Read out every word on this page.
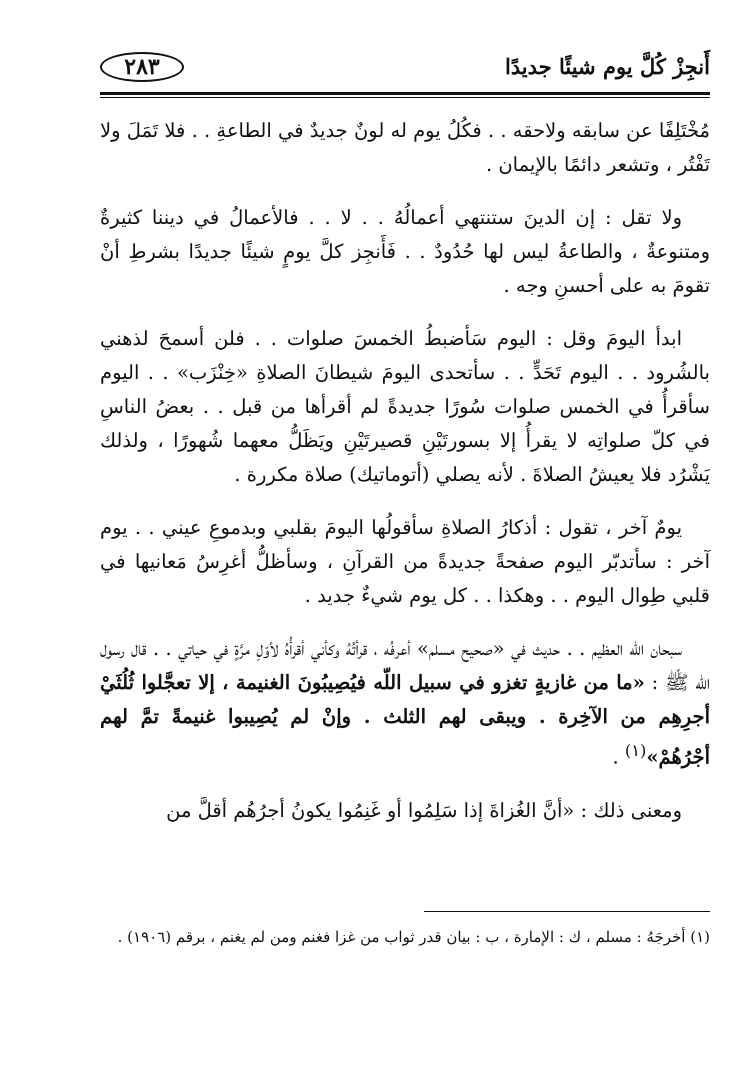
أَنجِزْ كُلَّ يوم شيئًا جديدًا
٢٨٣

مُخْتَلِفًا عن سابقه ولاحقه . . فكُلُ يوم له لونٌ جديدٌ في الطاعةِ . . فلا تَمَلَ ولا تَفْتُر ، وتشعر دائمًا بالإيمان .

ولا تقل : إن الدينَ ستنتهي أعمالُهُ . . لا . . فالأعمالُ في ديننا كثيرةٌ ومتنوعةٌ ، والطاعةُ ليس لها حُدُودٌ . . فَأَنجِز كلَّ يومٍ شيئًا جديدًا بشرطِ أنْ تقومَ به على أحسنِ وجه .

ابدأ اليومَ وقل : اليوم سَأضبطُ الخمسَ صلوات . . فلن أسمحَ لذهني بالشُرود . . اليوم تَحَدٍّ . . سأتحدى اليومَ شيطانَ الصلاةِ «خِنْزَب» . . اليوم سأقرأُ في الخمس صلوات سُورًا جديدةً لم أقرأها من قبل . . بعضُ الناسِ في كلّ صلواتِه لا يقرأُ إلا بسورتَيْنِ قصيرتَيْنِ ويَظَلُّ معهما شُهورًا ، ولذلك يَشْرُد فلا يعيشُ الصلاةَ . لأنه يصلي (أتوماتيك) صلاة مكررة .

يومٌ آخر ، تقول : أذكارُ الصلاةِ سأقولُها اليومَ بقلبي وبدموعِ عيني . . يوم آخر : سأتدبّر اليوم صفحةً جديدةً من القرآنِ ، وسأظلُّ أغرِسُ مَعانيها في قلبي طِوال اليوم . . وهكذا . . كل يوم شيءٌ جديد .

سبحان اللّه العظيم . . حديث في «صحيح مسلم» أعرفُه ، قرأتُهُ وكأني أقرأُهُ لأوّلِ مرَّةٍ في حياتي . . قال رسول اللّه ﷺ : «ما من غازيةٍ تغزو في سبيل اللّه فيُصِيبُونَ الغنيمة ، إلا تعجَّلوا ثُلُثَيْ أجرِهِم من الآخِرة . ويبقى لهم الثلث . وإنْ لم يُصِيبوا غنيمةً تمَّ لهم أجْرُهُمْ»$^{(١)}$ .

ومعنى ذلك : «أنَّ الغُزاةَ إذا سَلِمُوا أو غَنِمُوا يكونُ أجرُهُم أقلَّ من

(١) أخرجَهُ : مسلم ، ك : الإمارة ، ب : بيان قدر ثواب من غزا فغنم ومن لم يغنم ، برقم (١٩٠٦) .
